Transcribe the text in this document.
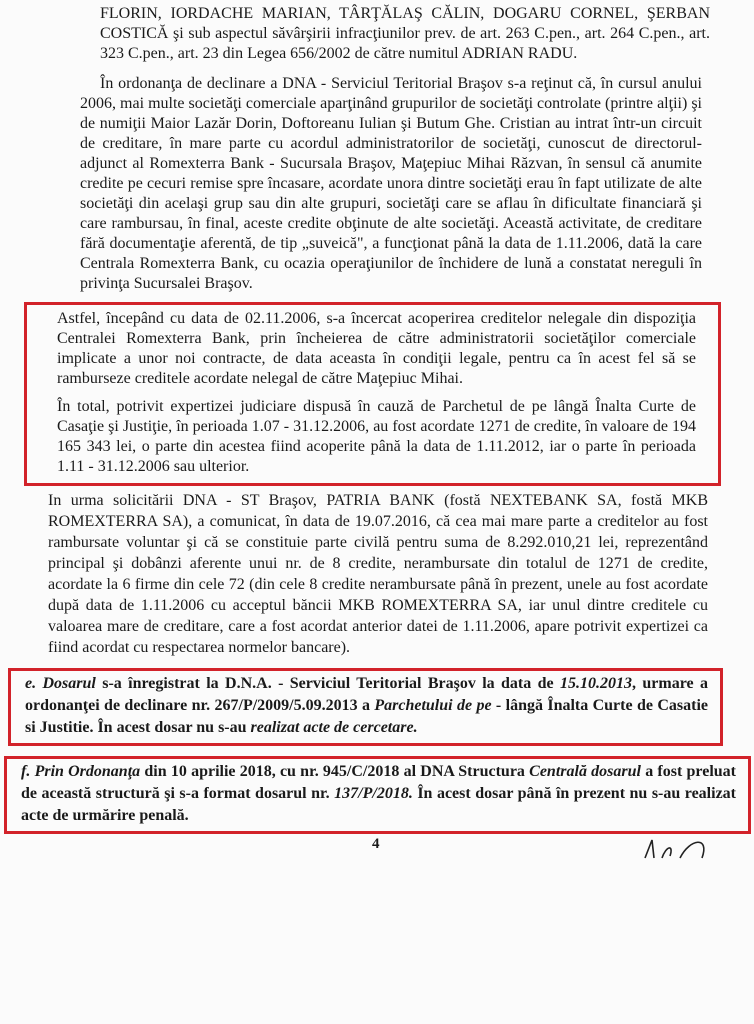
FLORIN, IORDACHE MARIAN, TÂRŢĂLAŞ CĂLIN, DOGARU CORNEL, ŞERBAN COSTICĂ şi sub aspectul săvârşirii infracţiunilor prev. de art. 263 C.pen., art. 264 C.pen., art. 323 C.pen., art. 23 din Legea 656/2002 de către numitul ADRIAN RADU.

În ordonanţa de declinare a DNA - Serviciul Teritorial Braşov s-a reţinut că, în cursul anului 2006, mai multe societăţi comerciale aparţinând grupurilor de societăţi controlate (printre alţii) şi de numiţii Maior Lazăr Dorin, Doftoreanu Iulian şi Butum Ghe. Cristian au intrat într-un circuit de creditare, în mare parte cu acordul administratorilor de societăţi, cunoscut de directorul-adjunct al Romexterra Bank - Sucursala Braşov, Maţepiuc Mihai Răzvan, în sensul că anumite credite pe cecuri remise spre încasare, acordate unora dintre societăţi erau în fapt utilizate de alte societăţi din acelaşi grup sau din alte grupuri, societăţi care se aflau în dificultate financiară şi care rambursau, în final, aceste credite obţinute de alte societăţi. Această activitate, de creditare fără documentaţie aferentă, de tip „suveică", a funcţionat până la data de 1.11.2006, dată la care Centrala Romexterra Bank, cu ocazia operaţiunilor de închidere de lună a constatat nereguli în privinţa Sucursalei Braşov.

Astfel, începând cu data de 02.11.2006, s-a încercat acoperirea creditelor nelegale din dispoziţia Centralei Romexterra Bank, prin încheierea de către administratorii societăţilor comerciale implicate a unor noi contracte, de data aceasta în condiţii legale, pentru ca în acest fel să se ramburseze creditele acordate nelegal de către Maţepiuc Mihai.

În total, potrivit expertizei judiciare dispusă în cauză de Parchetul de pe lângă Înalta Curte de Casaţie şi Justiţie, în perioada 1.07 - 31.12.2006, au fost acordate 1271 de credite, în valoare de 194 165 343 lei, o parte din acestea fiind acoperite până la data de 1.11.2012, iar o parte în perioada 1.11 - 31.12.2006 sau ulterior.

In urma solicitării DNA - ST Braşov, PATRIA BANK (fostă NEXTEBANK SA, fostă MKB ROMEXTERRA SA), a comunicat, în data de 19.07.2016, că cea mai mare parte a creditelor au fost rambursate voluntar şi că se constituie parte civilă pentru suma de 8.292.010,21 lei, reprezentând principal şi dobânzi aferente unui nr. de 8 credite, nerambursate din totalul de 1271 de credite, acordate la 6 firme din cele 72 (din cele 8 credite nerambursate până în prezent, unele au fost acordate după data de 1.11.2006 cu acceptul băncii MKB ROMEXTERRA SA, iar unul dintre creditele cu valoarea mare de creditare, care a fost acordat anterior datei de 1.11.2006, apare potrivit expertizei ca fiind acordat cu respectarea normelor bancare).

e. Dosarul s-a înregistrat la D.N.A. - Serviciul Teritorial Braşov la data de 15.10.2013, urmare a ordonanţei de declinare nr. 267/P/2009/5.09.2013 a Parchetului de pe - lângă Înalta Curte de Casatie si Justitie. În acest dosar nu s-au realizat acte de cercetare.

f. Prin Ordonanţa din 10 aprilie 2018, cu nr. 945/C/2018 al DNA Structura Centrală dosarul a fost preluat de această structură şi s-a format dosarul nr. 137/P/2018. În acest dosar până în prezent nu s-au realizat acte de urmărire penală.

4
